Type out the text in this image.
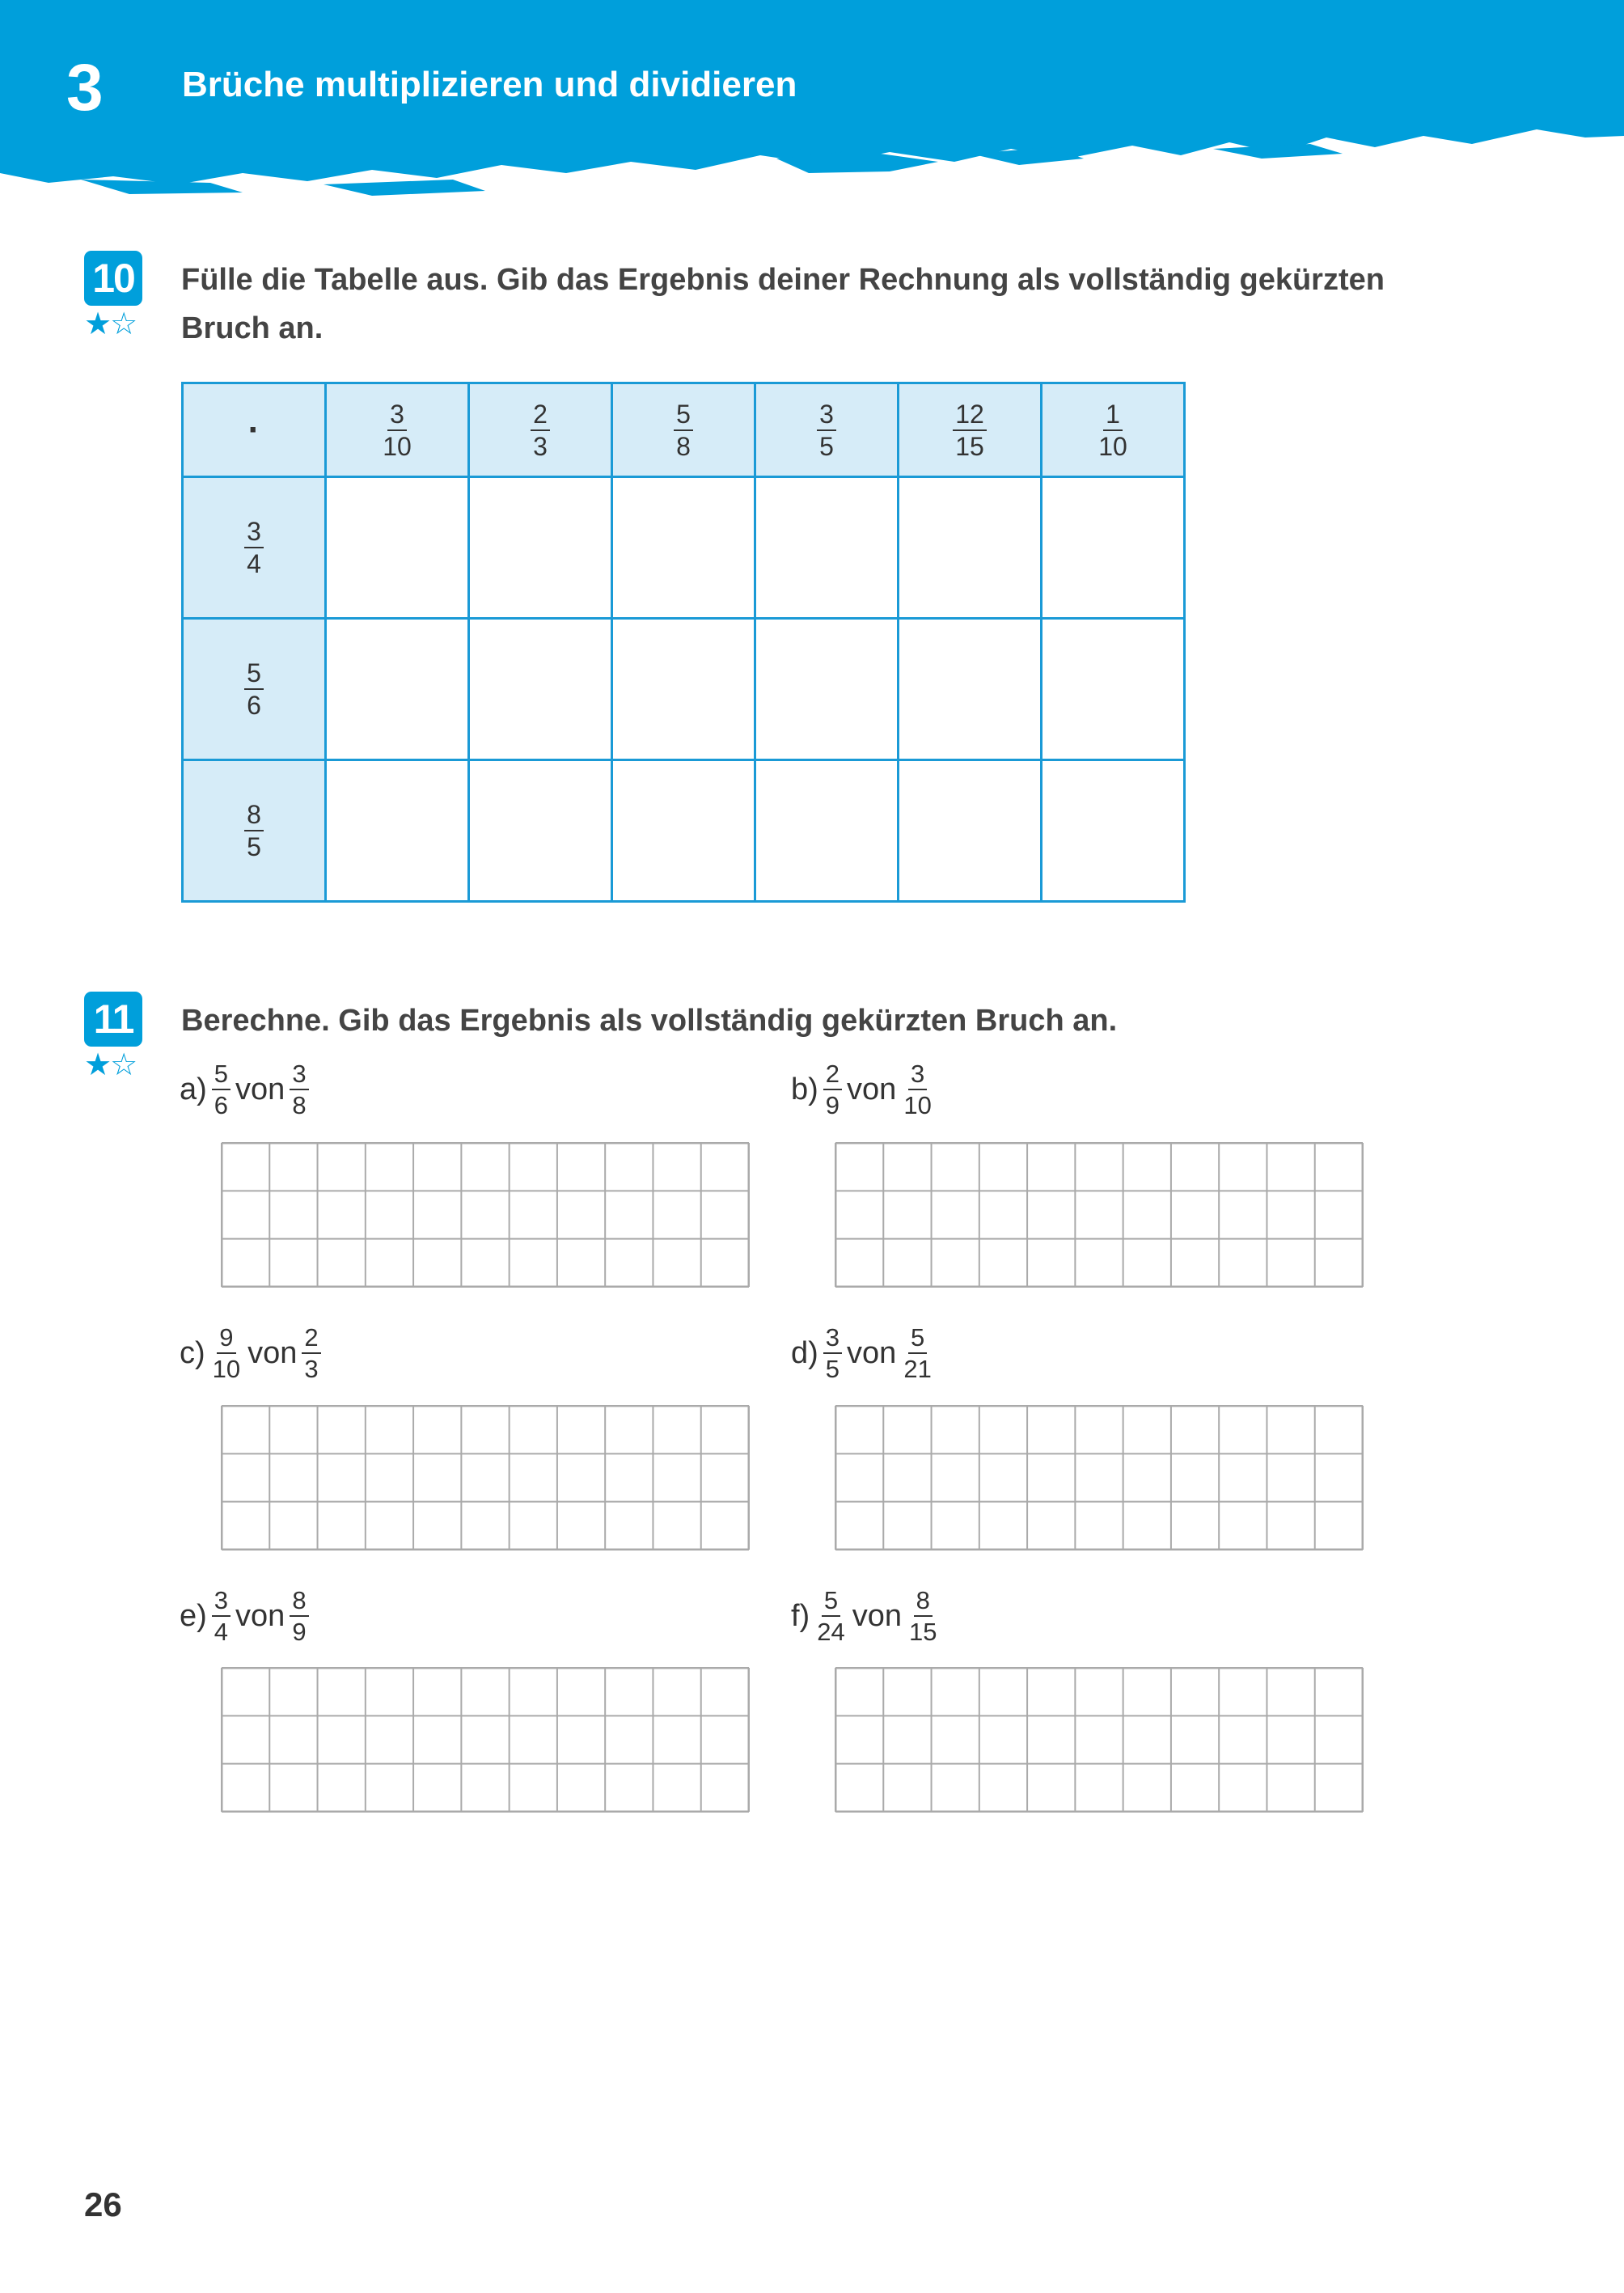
3 Brüche multiplizieren und dividieren
10
★☆
Fülle die Tabelle aus. Gib das Ergebnis deiner Rechnung als vollständig gekürzten Bruch an.
·	$\frac{3}{10}$	$\frac{2}{3}$	$\frac{5}{8}$	$\frac{3}{5}$	$\frac{12}{15}$	$\frac{1}{10}$

$\frac{3}{4}$

$\frac{5}{6}$

$\frac{8}{5}$

11
★☆
Berechne. Gib das Ergebnis als vollständig gekürzten Bruch an.
$a) \frac{5}{6}$ von $\frac{3}{8}$	$b) \frac{2}{9}$ von $\frac{3}{10}$
$c) \frac{9}{10}$ von $\frac{2}{3}$	$d) \frac{3}{5}$ von $\frac{5}{21}$
$e) \frac{3}{4}$ von $\frac{8}{9}$	$f) \frac{5}{24}$ von $\frac{8}{15}$
26
